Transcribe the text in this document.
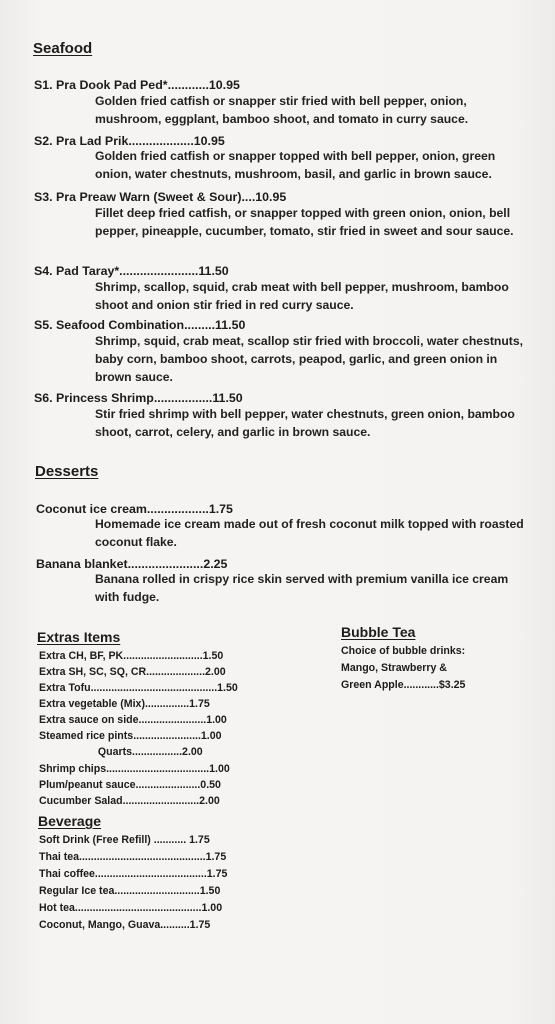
Seafood
S1. Pra Dook Pad Ped*............10.95
Golden fried catfish or snapper stir fried with bell pepper, onion, mushroom, eggplant, bamboo shoot, and tomato in curry sauce.
S2. Pra Lad Prik...................10.95
Golden fried catfish or snapper topped with bell pepper, onion, green onion, water chestnuts, mushroom, basil, and garlic in brown sauce.
S3. Pra Preaw Warn (Sweet & Sour)....10.95
Fillet deep fried catfish, or snapper topped with green onion, onion, bell pepper, pineapple, cucumber, tomato, stir fried in sweet and sour sauce.
S4. Pad Taray*.......................11.50
Shrimp, scallop, squid, crab meat with bell pepper, mushroom, bamboo shoot and onion stir fried in red curry sauce.
S5. Seafood Combination.........11.50
Shrimp, squid, crab meat, scallop stir fried with broccoli, water chestnuts, baby corn, bamboo shoot, carrots, peapod, garlic, and green onion in brown sauce.
S6. Princess Shrimp.................11.50
Stir fried shrimp with bell pepper, water chestnuts, green onion, bamboo shoot, carrot, celery, and garlic in brown sauce.
Desserts
Coconut ice cream..................1.75
Homemade ice cream made out of fresh coconut milk topped with roasted coconut flake.
Banana blanket......................2.25
Banana rolled in crispy rice skin served with premium vanilla ice cream with fudge.
Extras Items
Extra CH, BF, PK...........................1.50
Extra SH, SC, SQ, CR....................2.00
Extra Tofu...........................................1.50
Extra vegetable (Mix)...............1.75
Extra sauce on side.......................1.00
Steamed rice pints.......................1.00
Quarts.................2.00
Shrimp chips...................................1.00
Plum/peanut sauce......................0.50
Cucumber Salad..........................2.00
Beverage
Soft Drink (Free Refill) ........... 1.75
Thai tea...........................................1.75
Thai coffee......................................1.75
Regular Ice tea.............................1.50
Hot tea...........................................1.00
Coconut, Mango, Guava..........1.75
Bubble Tea
Choice of bubble drinks:
Mango, Strawberry &
Green Apple............$3.25
